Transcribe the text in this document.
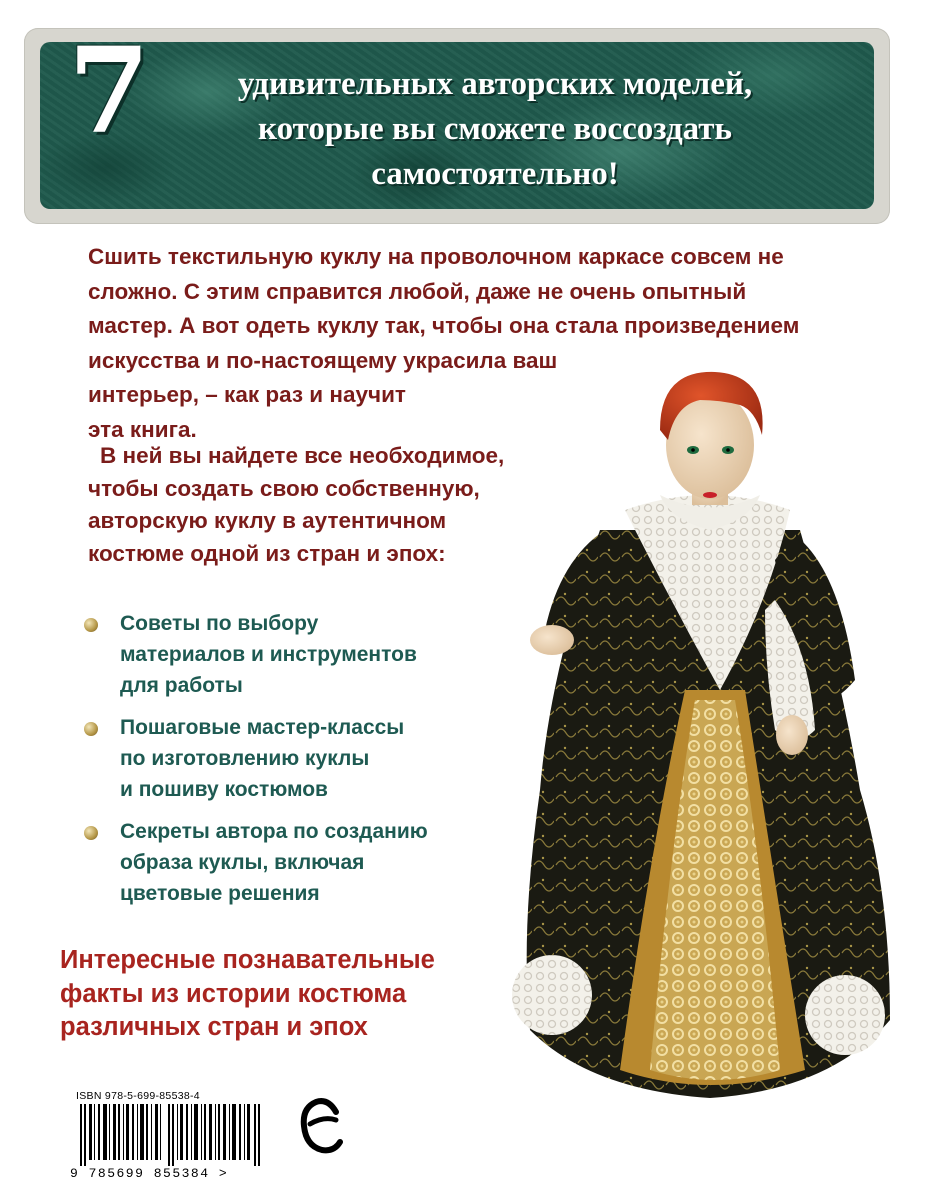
7	удивительных авторских моделей,
которые вы сможете воссоздать
самостоятельно!
Сшить текстильную куклу на проволочном каркасе совсем не
сложно. С этим справится любой, даже не очень опытный
мастер. А вот одеть куклу так, чтобы она стала произведением
искусства и по-настоящему украсила ваш
интерьер, – как раз и научит
эта книга.
В ней вы найдете все необходимое,
чтобы создать свою собственную,
авторскую куклу в аутентичном
костюме одной из стран и эпох:
Советы по выбору
материалов и инструментов
для работы
Пошаговые мастер-классы
по изготовлению куклы
и пошиву костюмов
Секреты автора по созданию
образа куклы, включая
цветовые решения
Интересные познавательные
факты из истории костюма
различных стран и эпох
ISBN 978-5-699-85538-4
9 785699 855384 >
